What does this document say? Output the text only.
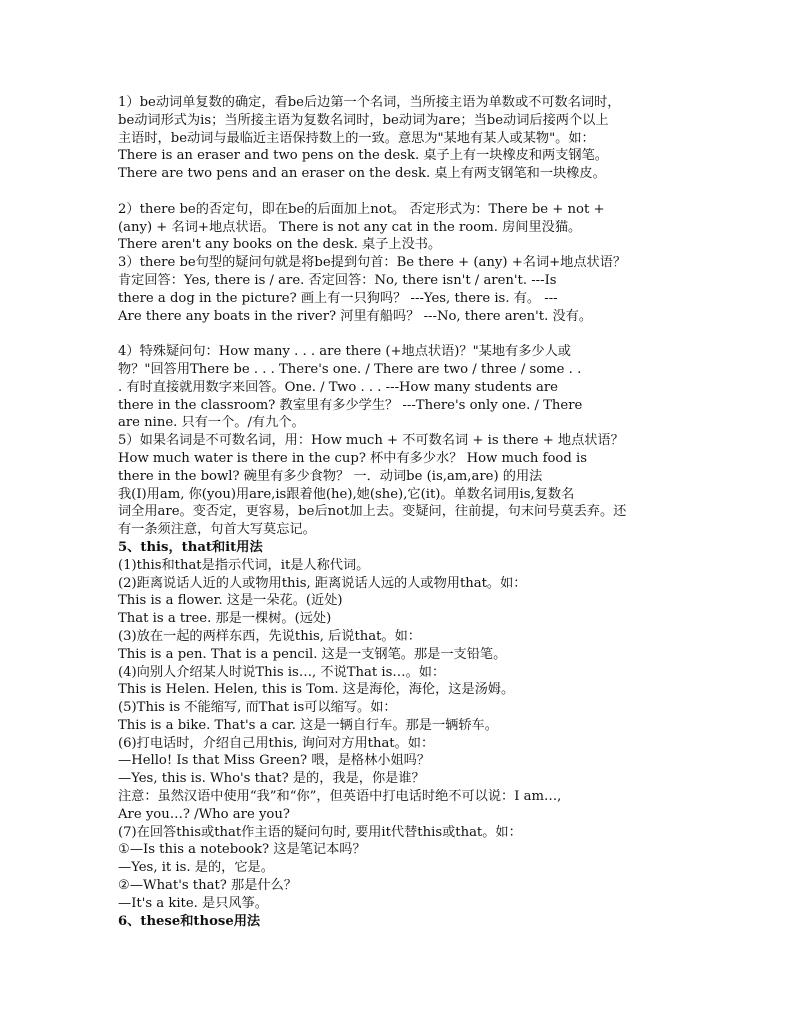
1）be动词单复数的确定，看be后边第一个名词，当所接主语为单数或不可数名词时，
be动词形式为is；当所接主语为复数名词时，be动词为are；当be动词后接两个以上
主语时，be动词与最临近主语保持数上的一致。意思为"某地有某人或某物"。如：
There is an eraser and two pens on the desk. 桌子上有一块橡皮和两支钢笔。
There are two pens and an eraser on the desk. 桌上有两支钢笔和一块橡皮。
2）there be的否定句，即在be的后面加上not。 否定形式为：There be + not +
(any) + 名词+地点状语。 There is not any cat in the room. 房间里没猫。
There aren't any books on the desk. 桌子上没书。
3）there be句型的疑问句就是将be提到句首：Be there + (any) +名词+地点状语？
肯定回答：Yes, there is / are. 否定回答：No, there isn't / aren't. ---Is
there a dog in the picture? 画上有一只狗吗？ ---Yes, there is. 有。 ---
Are there any boats in the river? 河里有船吗？ ---No, there aren't. 没有。
4）特殊疑问句：How many . . . are there (+地点状语)？"某地有多少人或
物？"回答用There be . . . There's one. / There are two / three / some . .
. 有时直接就用数字来回答。One. / Two . . . ---How many students are
there in the classroom? 教室里有多少学生？ ---There's only one. / There
are nine. 只有一个。/有九个。
5）如果名词是不可数名词，用：How much + 不可数名词 + is there + 地点状语？
How much water is there in the cup? 杯中有多少水？ How much food is
there in the bowl? 碗里有多少食物？ 一．动词be (is,am,are) 的用法
我(I)用am, 你(you)用are,is跟着他(he),她(she),它(it)。单数名词用is,复数名
词全用are。变否定，更容易，be后not加上去。变疑问，往前提，句末问号莫丢弃。还
有一条须注意，句首大写莫忘记。
5、this，that和it用法
(1)this和that是指示代词，it是人称代词。
(2)距离说话人近的人或物用this, 距离说话人远的人或物用that。如：
This is a flower. 这是一朵花。(近处)
That is a tree. 那是一棵树。(远处)
(3)放在一起的两样东西，先说this, 后说that。如：
This is a pen. That is a pencil. 这是一支钢笔。那是一支铅笔。
(4)向别人介绍某人时说This is…, 不说That is…。如：
This is Helen. Helen, this is Tom. 这是海伦，海伦，这是汤姆。
(5)This is 不能缩写, 而That is可以缩写。如：
This is a bike. That's a car. 这是一辆自行车。那是一辆轿车。
(6)打电话时，介绍自己用this, 询问对方用that。如：
—Hello! Is that Miss Green? 喂，是格林小姐吗？
—Yes, this is. Who's that? 是的，我是，你是谁？
注意：虽然汉语中使用“我”和“你”，但英语中打电话时绝不可以说：I am…,
Are you…? /Who are you?
(7)在回答this或that作主语的疑问句时, 要用it代替this或that。如：
①—Is this a notebook? 这是笔记本吗？
—Yes, it is. 是的，它是。
②—What's that? 那是什么？
—It's a kite. 是只风筝。
6、these和those用法
